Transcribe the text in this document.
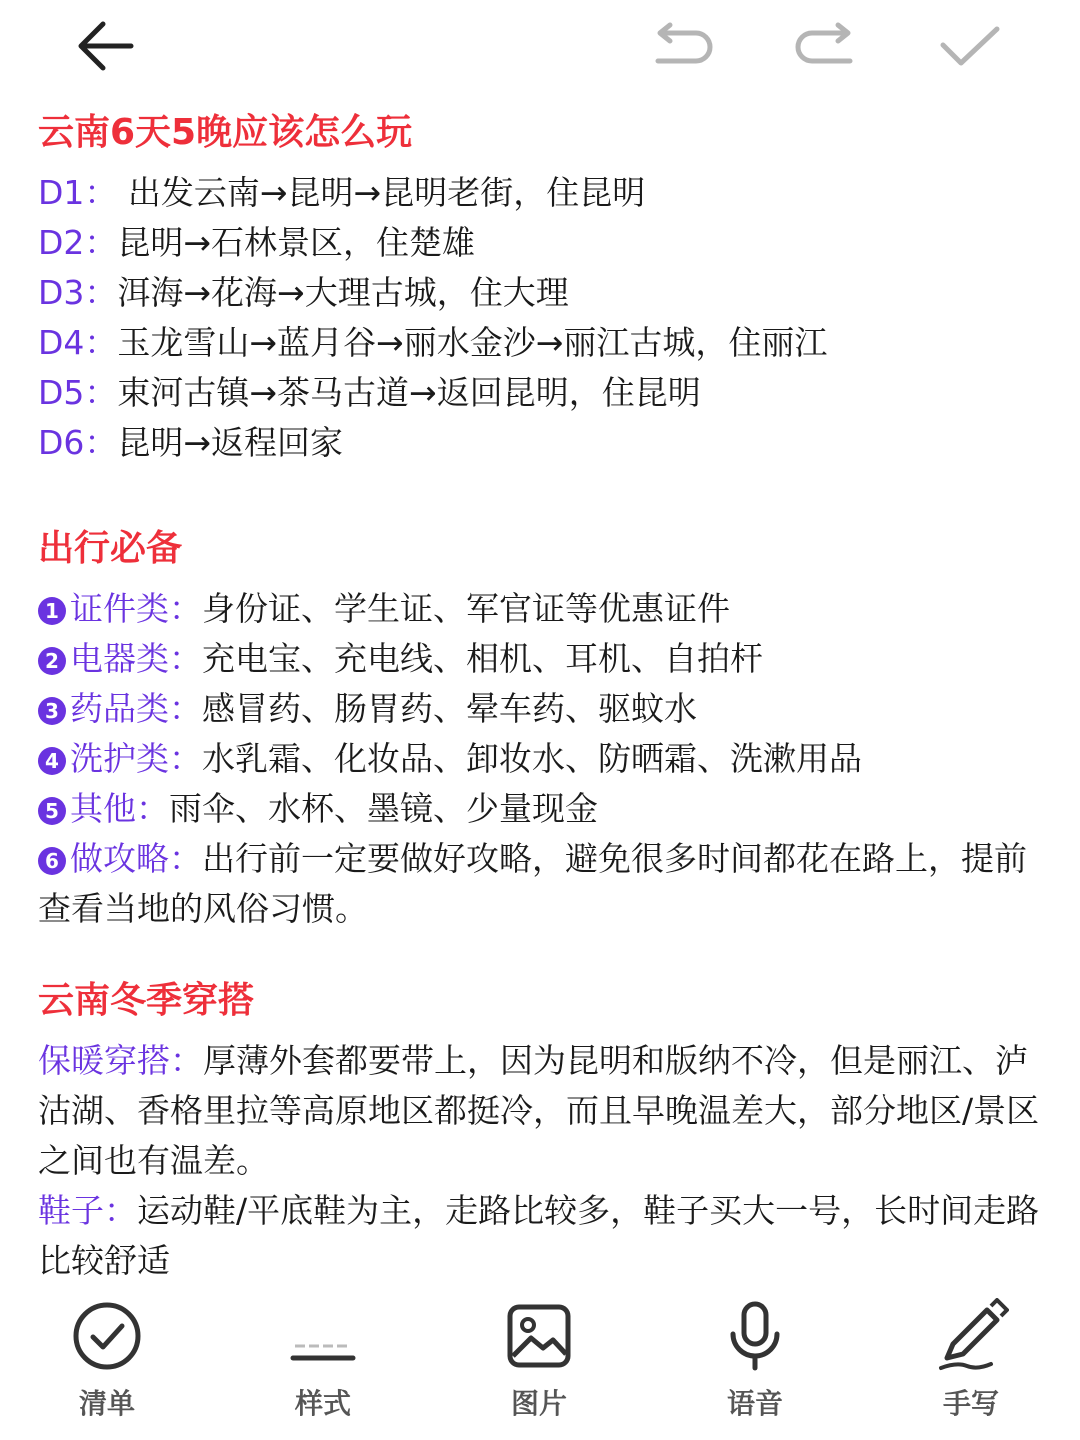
云南6天5晚应该怎么玩

D1： 出发云南→昆明→昆明老街，住昆明

D2：昆明→石林景区，住楚雄

D3：洱海→花海→大理古城，住大理

D4：玉龙雪山→蓝月谷→丽水金沙→丽江古城，住丽江

D5：束河古镇→茶马古道→返回昆明，住昆明

D6：昆明→返程回家

出行必备

1 证件类：身份证、学生证、军官证等优惠证件

2 电器类：充电宝、充电线、相机、耳机、自拍杆

3 药品类：感冒药、肠胃药、晕车药、驱蚊水

4 洗护类：水乳霜、化妆品、卸妆水、防晒霜、洗漱用品

5 其他：雨伞、水杯、墨镜、少量现金

6 做攻略：出行前一定要做好攻略，避免很多时间都花在路上，提前查看当地的风俗习惯。

云南冬季穿搭

保暖穿搭：厚薄外套都要带上，因为昆明和版纳不冷，但是丽江、泸沽湖、香格里拉等高原地区都挺冷，而且早晚温差大，部分地区/景区之间也有温差。

鞋子：运动鞋/平底鞋为主，走路比较多，鞋子买大一号，长时间走路比较舒适

清单	样式	图片	语音	手写
